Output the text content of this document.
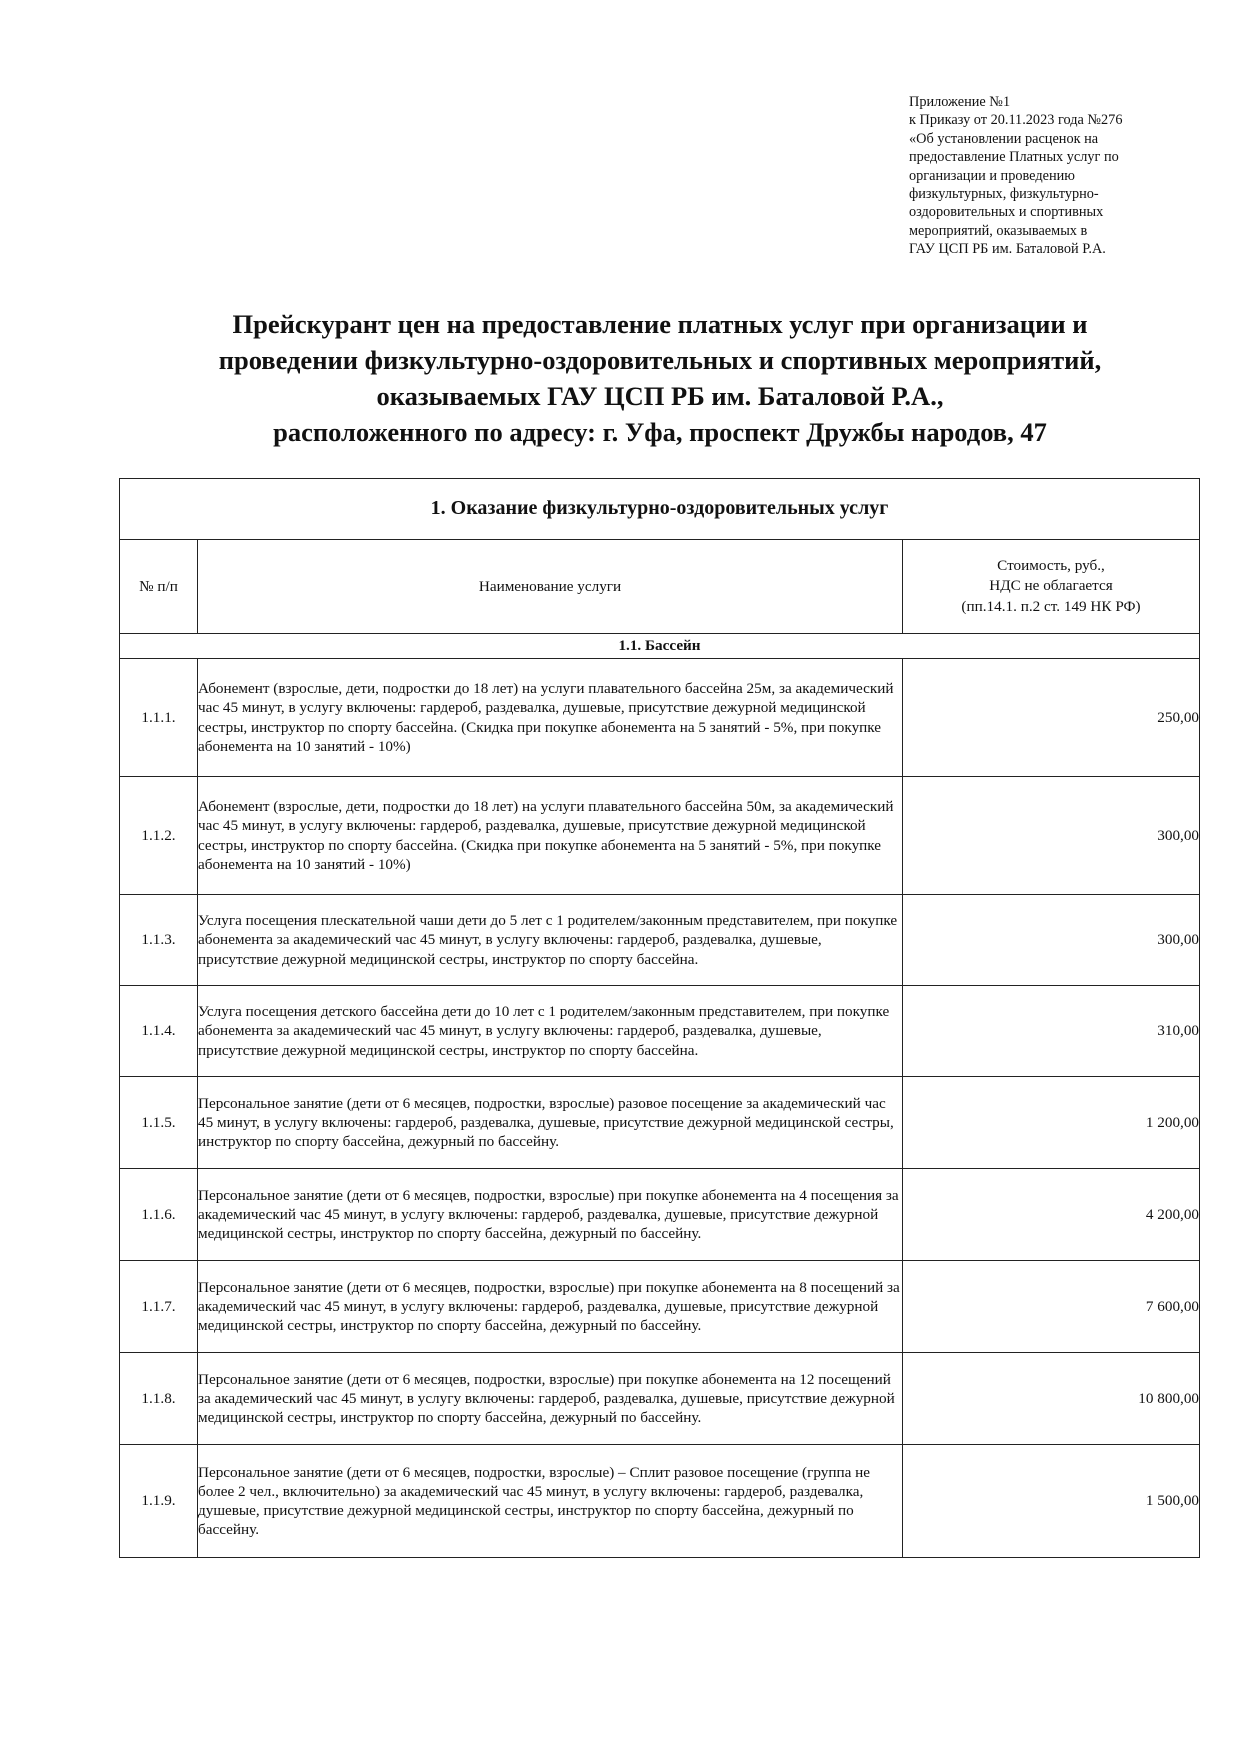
Приложение №1
к Приказу от 20.11.2023 года №276
«Об установлении расценок на
предоставление Платных услуг по
организации и проведению
физкультурных, физкультурно-
оздоровительных и спортивных
мероприятий, оказываемых в
ГАУ ЦСП РБ им. Баталовой Р.А.
Прейскурант цен на предоставление платных услуг при организации и
проведении физкультурно-оздоровительных и спортивных мероприятий,
оказываемых ГАУ ЦСП РБ им. Баталовой Р.А.,
расположенного по адресу: г. Уфа, проспект Дружбы народов, 47
1. Оказание физкультурно-оздоровительных услуг		
№ п/п	Наименование услуги	Стоимость, руб.,
НДС не облагается
(пп.14.1. п.2 ст. 149 НК РФ)

1.1. Бассейн		
1.1.1.	Абонемент (взрослые, дети, подростки до 18 лет) на услуги плавательного бассейна 25м, за академический час 45 минут, в услугу включены: гардероб, раздевалка, душевые, присутствие дежурной медицинской сестры, инструктор по спорту бассейна. (Скидка при покупке абонемента на 5 занятий - 5%, при покупке абонемента на 10 занятий - 10%)	250,00
1.1.2.	Абонемент (взрослые, дети, подростки до 18 лет) на услуги плавательного бассейна 50м, за академический час 45 минут, в услугу включены: гардероб, раздевалка, душевые, присутствие дежурной медицинской сестры, инструктор по спорту бассейна. (Скидка при покупке абонемента на 5 занятий - 5%, при покупке абонемента на 10 занятий - 10%)	300,00
1.1.3.	Услуга посещения плескательной чаши дети до 5 лет с 1 родителем/законным представителем, при покупке абонемента за академический час 45 минут, в услугу включены: гардероб, раздевалка, душевые, присутствие дежурной медицинской сестры, инструктор по спорту бассейна.	300,00
1.1.4.	Услуга посещения детского бассейна дети до 10 лет с 1 родителем/законным представителем, при покупке абонемента за академический час 45 минут, в услугу включены: гардероб, раздевалка, душевые, присутствие дежурной медицинской сестры, инструктор по спорту бассейна.	310,00
1.1.5.	Персональное занятие (дети от 6 месяцев, подростки, взрослые) разовое посещение за академический час 45 минут, в услугу включены: гардероб, раздевалка, душевые, присутствие дежурной медицинской сестры, инструктор по спорту бассейна, дежурный по бассейну.	1 200,00
1.1.6.	Персональное занятие (дети от 6 месяцев, подростки, взрослые) при покупке абонемента на 4 посещения за академический час 45 минут, в услугу включены: гардероб, раздевалка, душевые, присутствие дежурной медицинской сестры, инструктор по спорту бассейна, дежурный по бассейну.	4 200,00
1.1.7.	Персональное занятие (дети от 6 месяцев, подростки, взрослые) при покупке абонемента на 8 посещений за академический час 45 минут, в услугу включены: гардероб, раздевалка, душевые, присутствие дежурной медицинской сестры, инструктор по спорту бассейна, дежурный по бассейну.	7 600,00
1.1.8.	Персональное занятие (дети от 6 месяцев, подростки, взрослые) при покупке абонемента на 12 посещений за академический час 45 минут, в услугу включены: гардероб, раздевалка, душевые, присутствие дежурной медицинской сестры, инструктор по спорту бассейна, дежурный по бассейну.	10 800,00
1.1.9.	Персональное занятие (дети от 6 месяцев, подростки, взрослые) – Сплит разовое посещение (группа не более 2 чел., включительно) за академический час 45 минут, в услугу включены: гардероб, раздевалка, душевые, присутствие дежурной медицинской сестры, инструктор по спорту бассейна, дежурный по бассейну.	1 500,00
